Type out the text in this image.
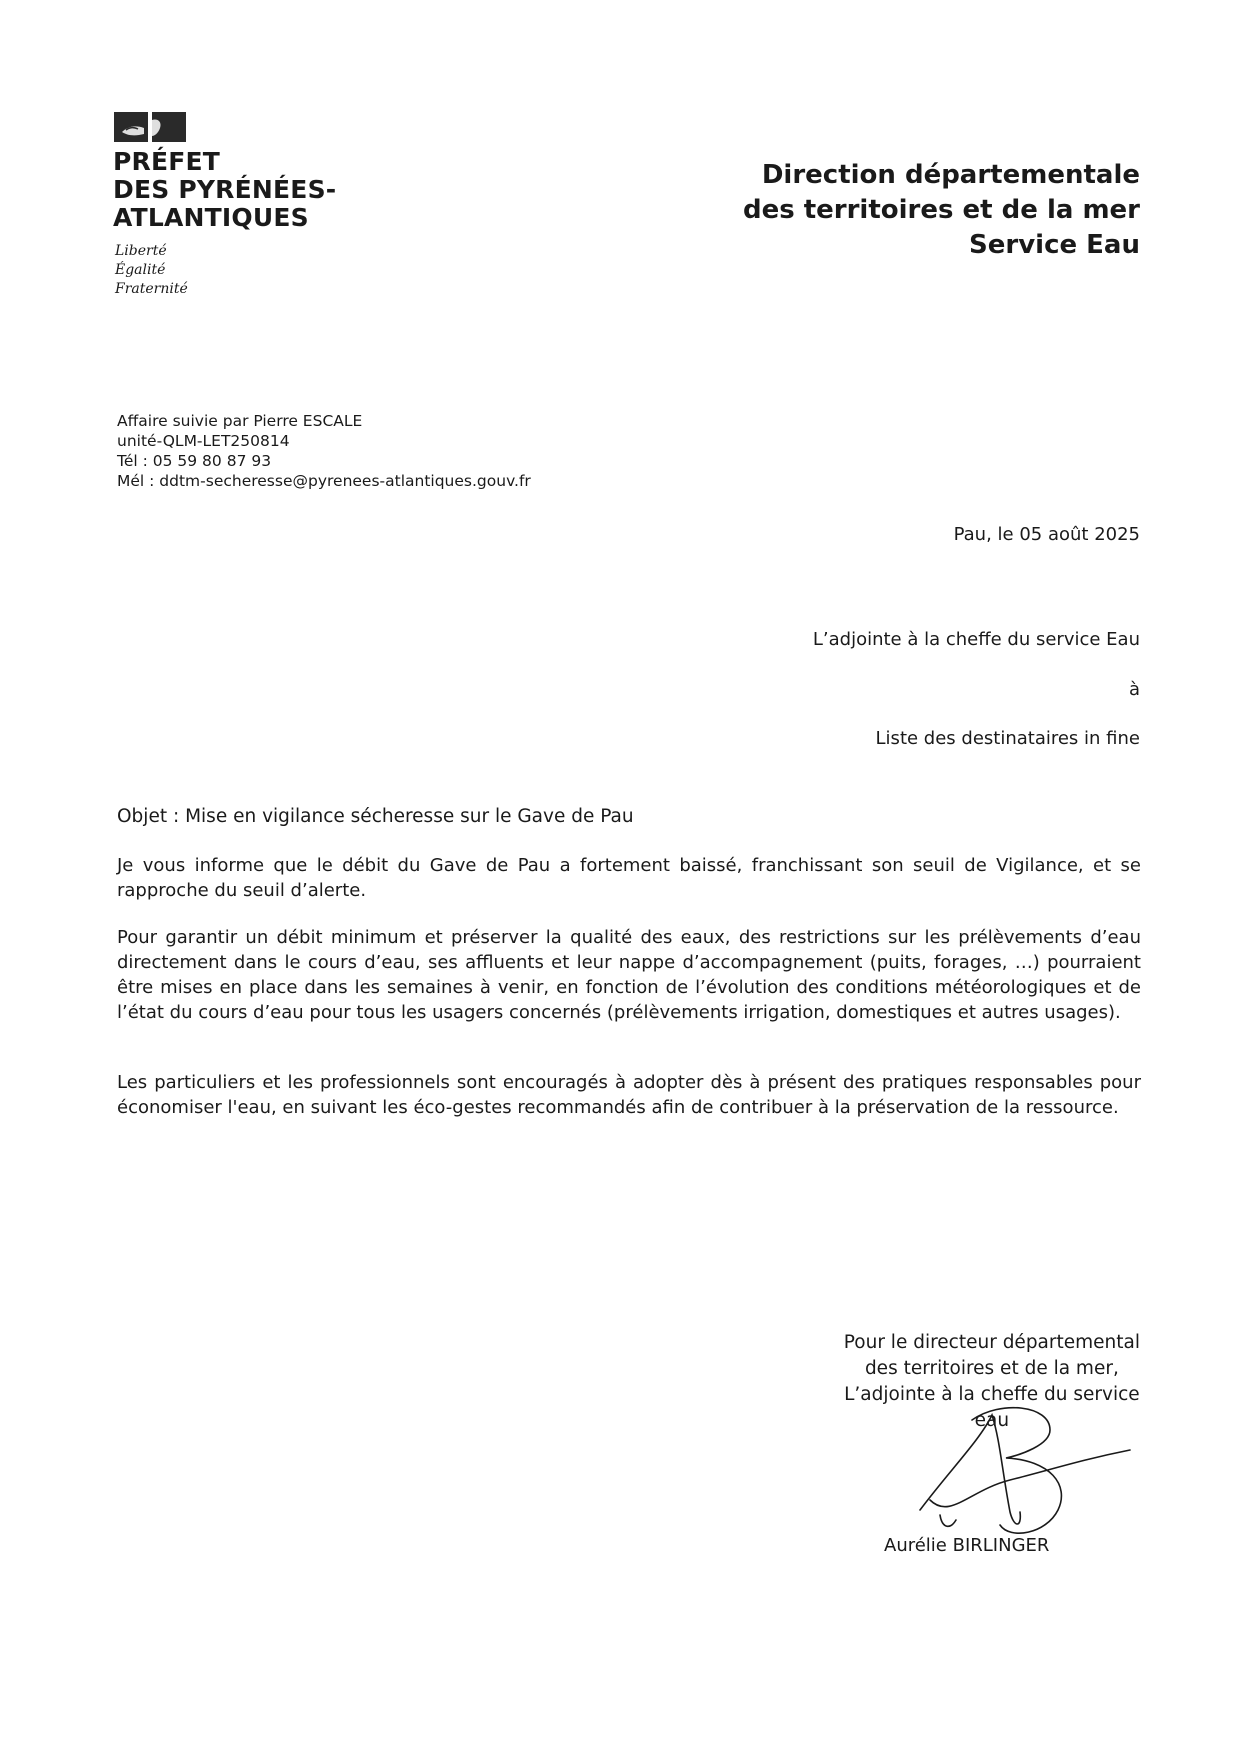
PRÉFET
DES PYRÉNÉES-
ATLANTIQUES
Liberté
Égalité
Fraternité
Direction départementale
des territoires et de la mer
Service Eau
Affaire suivie par Pierre ESCALE
unité-QLM-LET250814
Tél : 05 59 80 87 93
Mél : ddtm-secheresse@pyrenees-atlantiques.gouv.fr
Pau, le 05 août 2025
L’adjointe à la cheffe du service Eau
à
Liste des destinataires in fine
Objet : Mise en vigilance sécheresse sur le Gave de Pau

Je vous informe que le débit du Gave de Pau a fortement baissé, franchissant son seuil de Vigilance, et se rapproche du seuil d’alerte.

Pour garantir un débit minimum et préserver la qualité des eaux, des restrictions sur les prélèvements d’eau directement dans le cours d’eau, ses affluents et leur nappe d’accompagnement (puits, forages, …) pourraient être mises en place dans les semaines à venir, en fonction de l’évolution des conditions météorologiques et de l’état du cours d’eau pour tous les usagers concernés (prélèvements irrigation, domestiques et autres usages).

Les particuliers et les professionnels sont encouragés à adopter dès à présent des pratiques responsables pour économiser l'eau, en suivant les éco-gestes recommandés afin de contribuer à la préservation de la ressource.

Pour le directeur départemental
des territoires et de la mer,
L’adjointe à la cheffe du service
eau
Aurélie BIRLINGER
